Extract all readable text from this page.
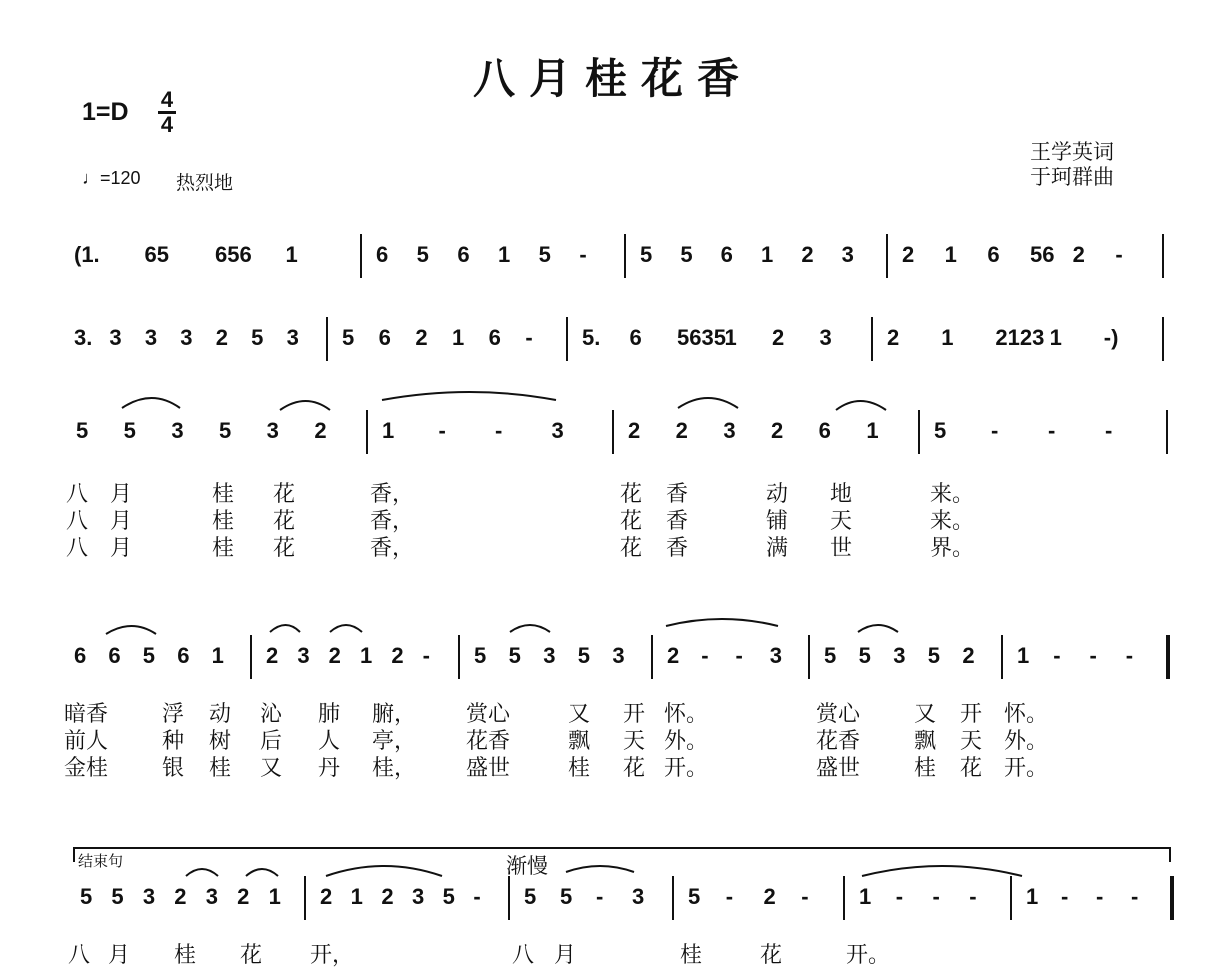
八月桂花香
1=D 4
4
♩=120 热烈地
王学英词
于珂群曲
(1. 65 656 1	6 5 6 1 5 - 5 5 6 1 2 3 2 1 6 56 2 -
3. 3 3 3 2 5 3 5 6 2 1 6 - 5. 6 5635
1 2 3	2 1 2123 1 -)
5 5 3 5 3 2	1 - - 3	2 2 3 2 6 1	5 - - -
6 6 5 6 1 2 3 2 1 2 - 5 5 3 5 3 2 - - 3 5 5 3 5 2 1 - - -
5 5 3 2 3 2 1 2 1 2 3 5 - 5 5 - 3 5 - 2 - 1 - - - 1 - - -
八 月	桂 花	香，	花 香	动 地	来。
八 月	桂 花	香，	花 香	铺 天	来。
八 月	桂 花	香，	花 香	满 世	界。
暗香 浮 动 沁 肺 腑， 赏心	又 开 怀。	赏心 又 开 怀。
前人 种 树 后 人 亭， 花香	飘 天 外。	花香 飘 天 外。
金桂 银 桂 又 丹 桂， 盛世	桂 花 开。	盛世 桂 花 开。
八 月 桂 花 开，	八 月	桂	花	开。
渐慢
结束句
